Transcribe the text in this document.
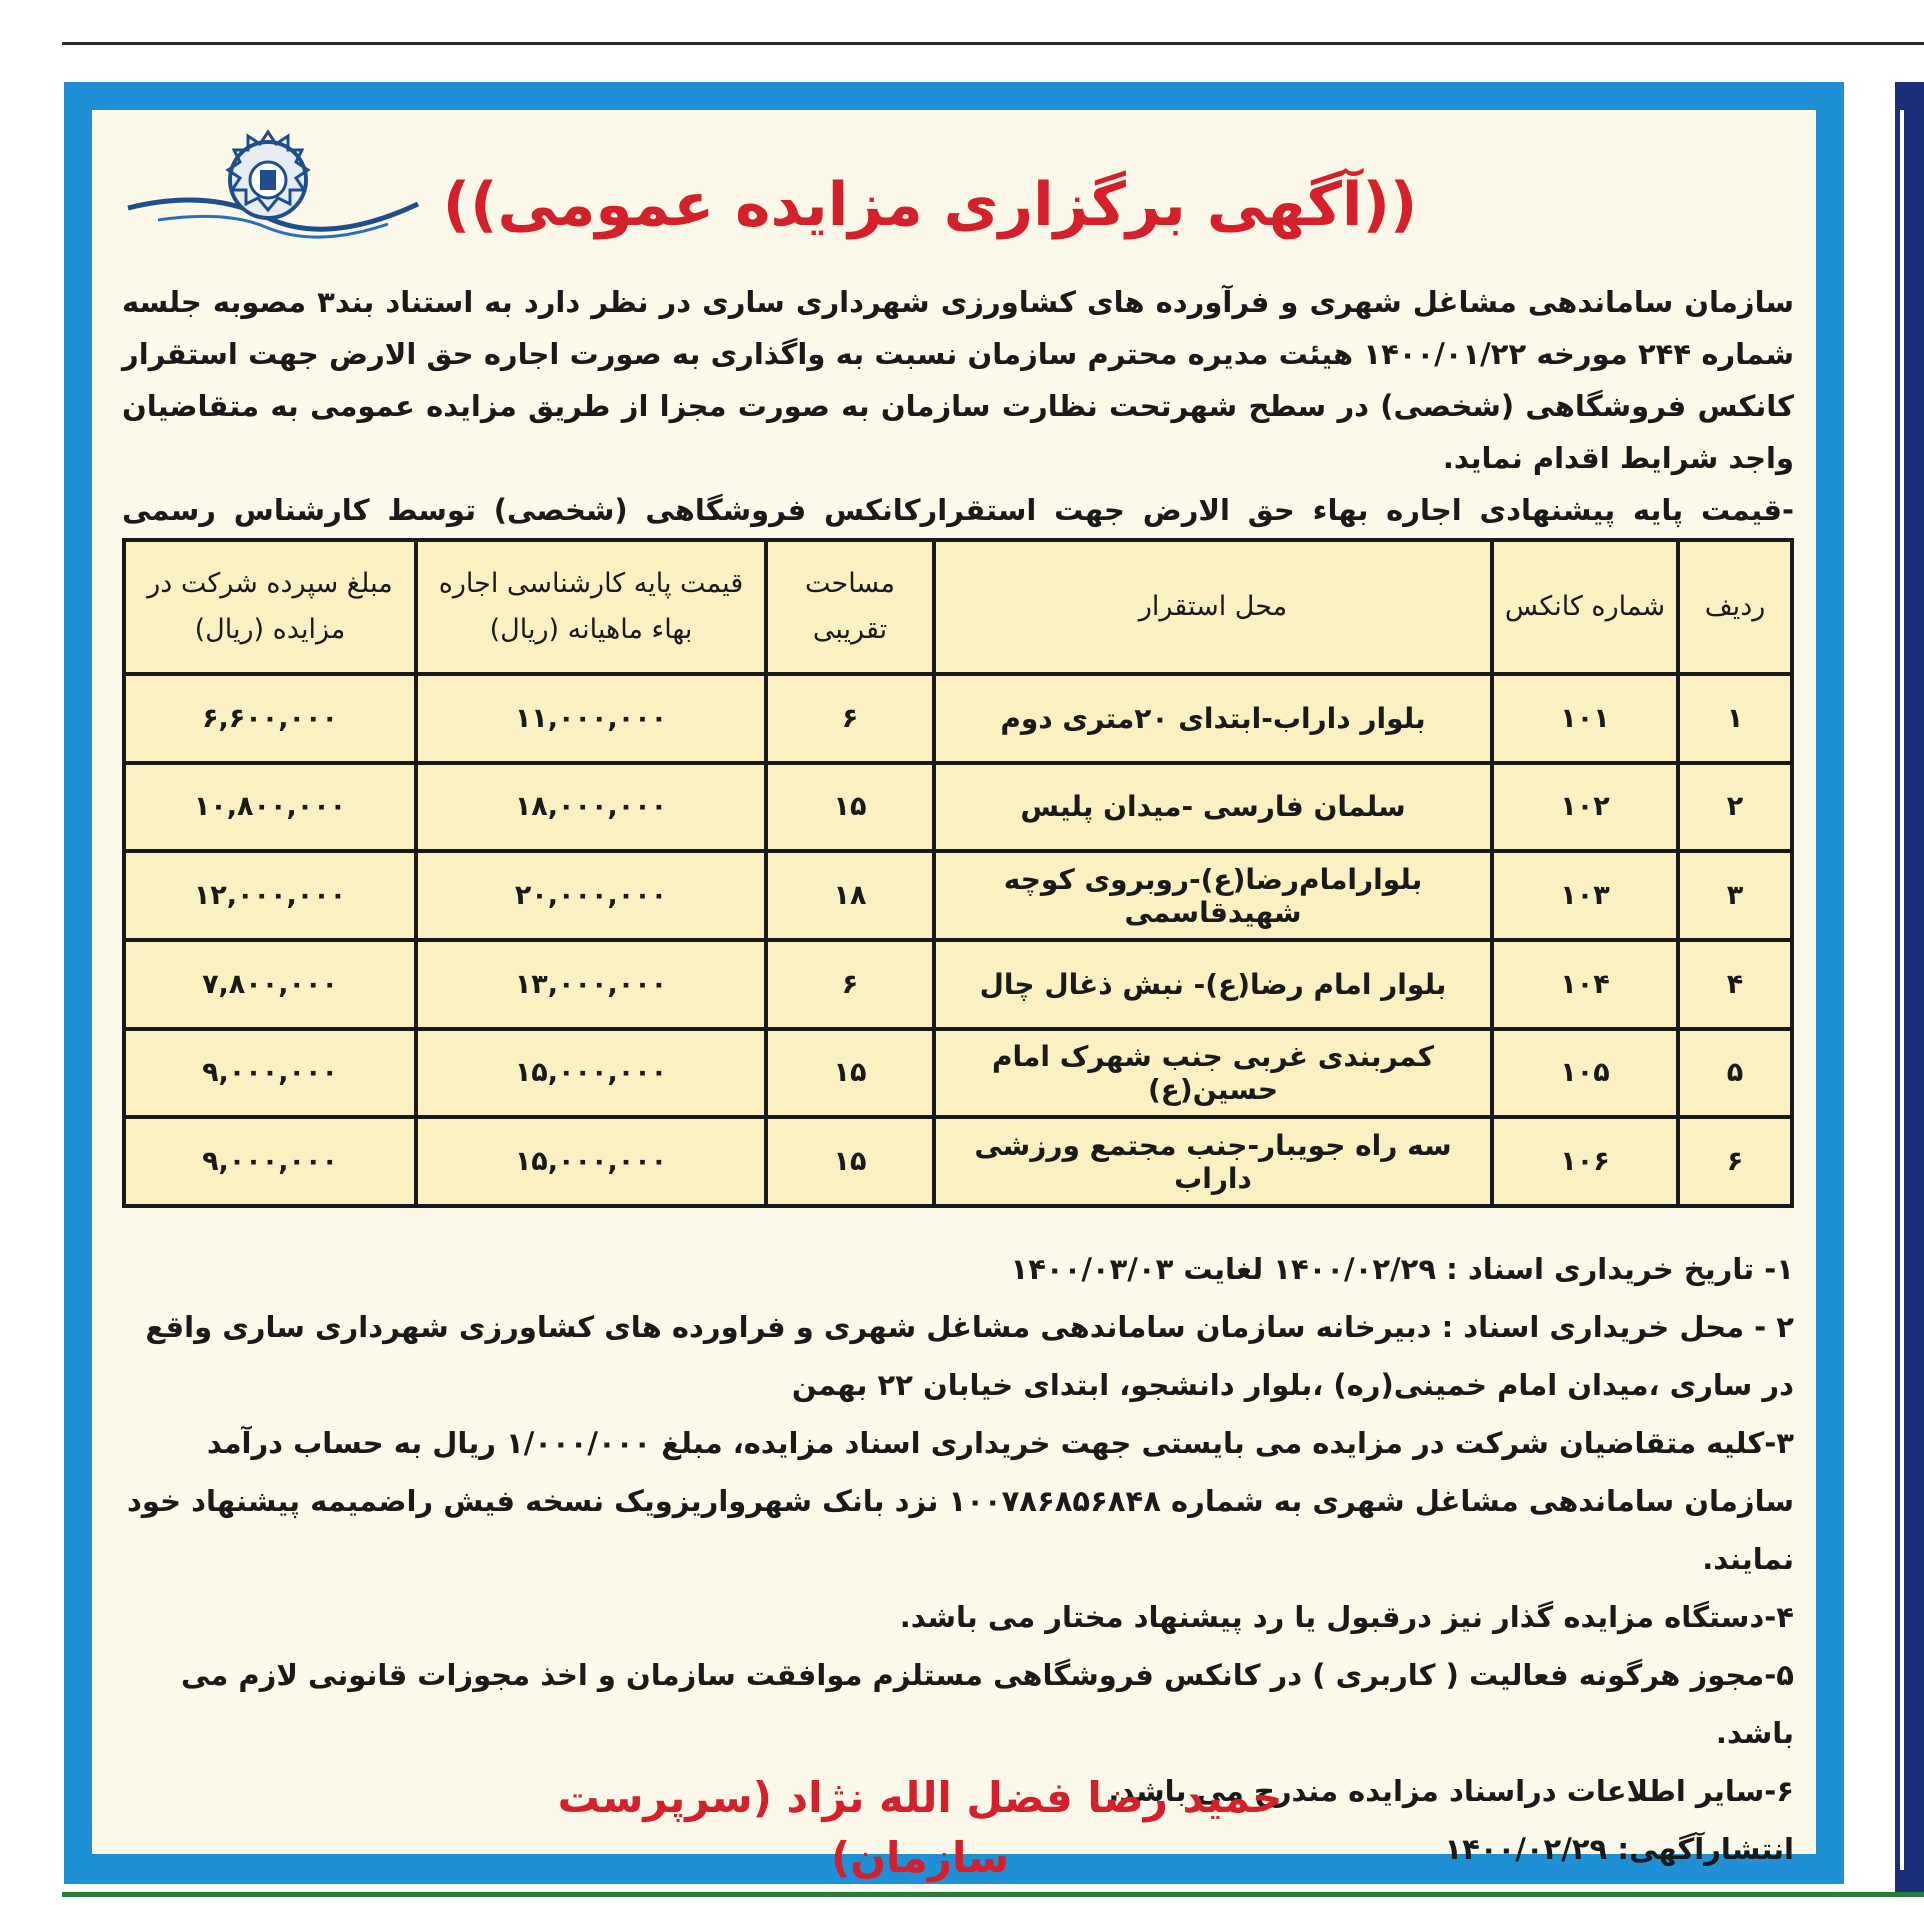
((آگهی برگزاری مزایده عمومی))

سازمان ساماندهی مشاغل شهری و فرآورده های کشاورزی شهرداری ساری در نظر دارد به استناد بند۳ مصوبه جلسه شماره ۲۴۴ مورخه ۱۴۰۰/۰۱/۲۲ هیئت مدیره محترم سازمان نسبت به واگذاری به صورت اجاره حق الارض جهت استقرار کانکس فروشگاهی (شخصی) در سطح شهرتحت نظارت سازمان به صورت مجزا از طریق مزایده عمومی به متقاضیان واجد شرایط اقدام نماید.

-قیمت پایه پیشنهادی اجاره بهاء حق الارض جهت استقرارکانکس فروشگاهی (شخصی) توسط کارشناس رسمی

ردیف	شماره کانکس	محل استقرار	مساحت تقریبی	قیمت پایه کارشناسی اجاره بهاء ماهیانه (ریال)	مبلغ سپرده شرکت در مزایده (ریال)
۱	۱۰۱	بلوار داراب-ابتدای ۲۰متری دوم	۶	۱۱,۰۰۰,۰۰۰	۶,۶۰۰,۰۰۰
۲	۱۰۲	سلمان فارسی -میدان پلیس	۱۵	۱۸,۰۰۰,۰۰۰	۱۰,۸۰۰,۰۰۰
۳	۱۰۳	بلوارامام‌رضا(ع)-روبروی کوچه شهیدقاسمی	۱۸	۲۰,۰۰۰,۰۰۰	۱۲,۰۰۰,۰۰۰
۴	۱۰۴	بلوار امام رضا(ع)- نبش ذغال چال	۶	۱۳,۰۰۰,۰۰۰	۷,۸۰۰,۰۰۰
۵	۱۰۵	کمربندی غربی جنب شهرک امام حسین(ع)	۱۵	۱۵,۰۰۰,۰۰۰	۹,۰۰۰,۰۰۰
۶	۱۰۶	سه راه جویبار-جنب مجتمع ورزشی داراب	۱۵	۱۵,۰۰۰,۰۰۰	۹,۰۰۰,۰۰۰

۱- تاریخ خریداری اسناد : ۱۴۰۰/۰۲/۲۹ لغایت ۱۴۰۰/۰۳/۰۳

۲ - محل خریداری اسناد : دبیرخانه سازمان ساماندهی مشاغل شهری و فراورده های کشاورزی شهرداری ساری واقع در ساری ،میدان امام خمینی(ره) ،بلوار دانشجو، ابتدای خیابان ۲۲ بهمن

۳-کلیه متقاضیان شرکت در مزایده می بایستی جهت خریداری اسناد مزایده، مبلغ ۱/۰۰۰/۰۰۰ ریال به حساب درآمد سازمان ساماندهی مشاغل شهری به شماره ۱۰۰۷۸۶۸۵۶۸۴۸ نزد بانک شهرواریزویک نسخه فیش راضمیمه پیشنهاد خود نمایند.

۴-دستگاه مزایده گذار نیز درقبول یا رد پیشنهاد مختار می باشد.

۵-مجوز هرگونه فعالیت ( کاربری ) در کانکس فروشگاهی مستلزم موافقت سازمان و اخذ مجوزات قانونی لازم می باشد.

۶-سایر اطلاعات دراسناد مزایده مندرج می باشد.

انتشارآگهی: ۱۴۰۰/۰۲/۲۹

حمید رضا فضل الله نژاد (سرپرست سازمان)
